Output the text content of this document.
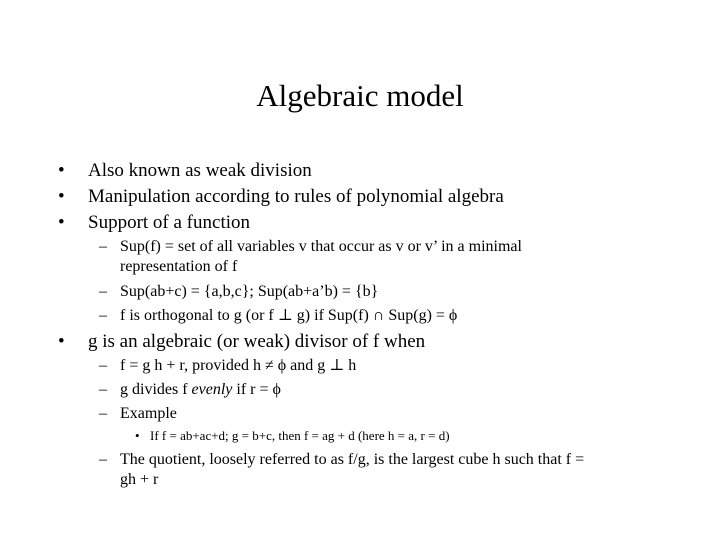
Algebraic model
• Also known as weak division
• Manipulation according to rules of polynomial algebra
• Support of a function
– Sup(f) = set of all variables v that occur as v or v’ in a minimal
representation of f
– Sup(ab+c) = {a,b,c}; Sup(ab+a’b) = {b}
– f is orthogonal to g (or f ⊥ g) if Sup(f) ∩ Sup(g) = ϕ
• g is an algebraic (or weak) divisor of f when
– f = g h + r, provided h ≠ ϕ and g ⊥ h
– g divides f evenly if r = ϕ
– Example
• If f = ab+ac+d; g = b+c, then f = ag + d (here h = a, r = d)
– The quotient, loosely referred to as f/g, is the largest cube h such that f =
gh + r
